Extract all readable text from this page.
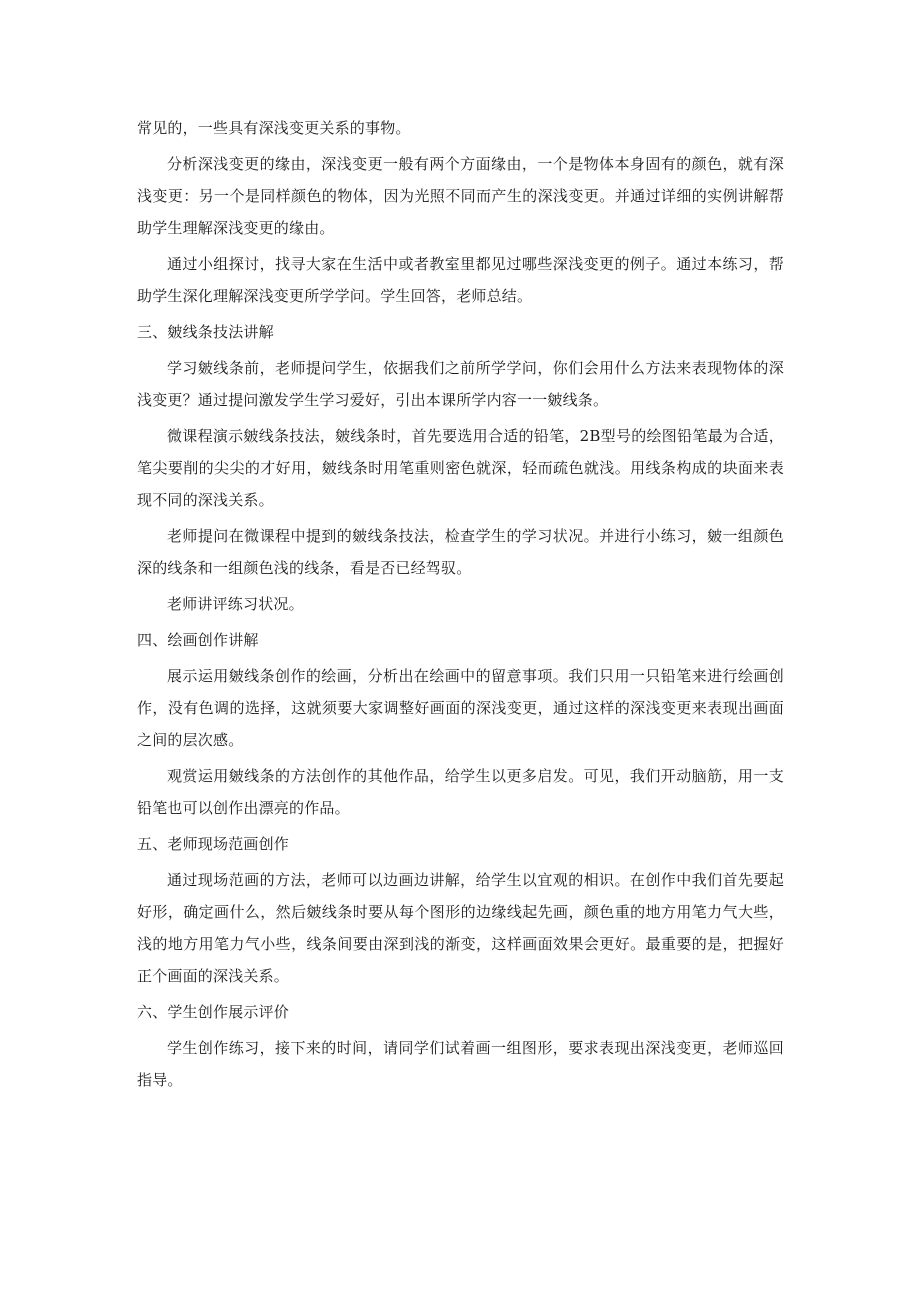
常见的，一些具有深浅变更关系的事物。

分析深浅变更的缘由，深浅变更一般有两个方面缘由，一个是物体本身固有的颜色，就有深浅变更：另一个是同样颜色的物体，因为光照不同而产生的深浅变更。并通过详细的实例讲解帮助学生理解深浅变更的缘由。

通过小组探讨，找寻大家在生活中或者教室里都见过哪些深浅变更的例子。通过本练习，帮助学生深化理解深浅变更所学学问。学生回答，老师总结。

三、皴线条技法讲解

学习皴线条前，老师提问学生，依据我们之前所学学问，你们会用什么方法来表现物体的深浅变更？通过提问激发学生学习爱好，引出本课所学内容一一皴线条。

微课程演示皴线条技法，皴线条时，首先要选用合适的铅笔，2B型号的绘图铅笔最为合适，笔尖要削的尖尖的才好用，皴线条时用笔重则密色就深，轻而疏色就浅。用线条构成的块面来表现不同的深浅关系。

老师提问在微课程中提到的皴线条技法，检查学生的学习状况。并进行小练习，皴一组颜色深的线条和一组颜色浅的线条，看是否已经驾驭。

老师讲评练习状况。

四、绘画创作讲解

展示运用皴线条创作的绘画，分析出在绘画中的留意事项。我们只用一只铅笔来进行绘画创作，没有色调的选择，这就须要大家调整好画面的深浅变更，通过这样的深浅变更来表现出画面之间的层次感。

观赏运用皴线条的方法创作的其他作品，给学生以更多启发。可见，我们开动脑筋，用一支铅笔也可以创作出漂亮的作品。

五、老师现场范画创作

通过现场范画的方法，老师可以边画边讲解，给学生以宜观的相识。在创作中我们首先要起好形，确定画什么，然后皴线条时要从每个图形的边缘线起先画，颜色重的地方用笔力气大些，浅的地方用笔力气小些，线条间要由深到浅的渐变，这样画面效果会更好。最重要的是，把握好正个画面的深浅关系。

六、学生创作展示评价

学生创作练习，接下来的时间，请同学们试着画一组图形，要求表现出深浅变更，老师巡回指导。
